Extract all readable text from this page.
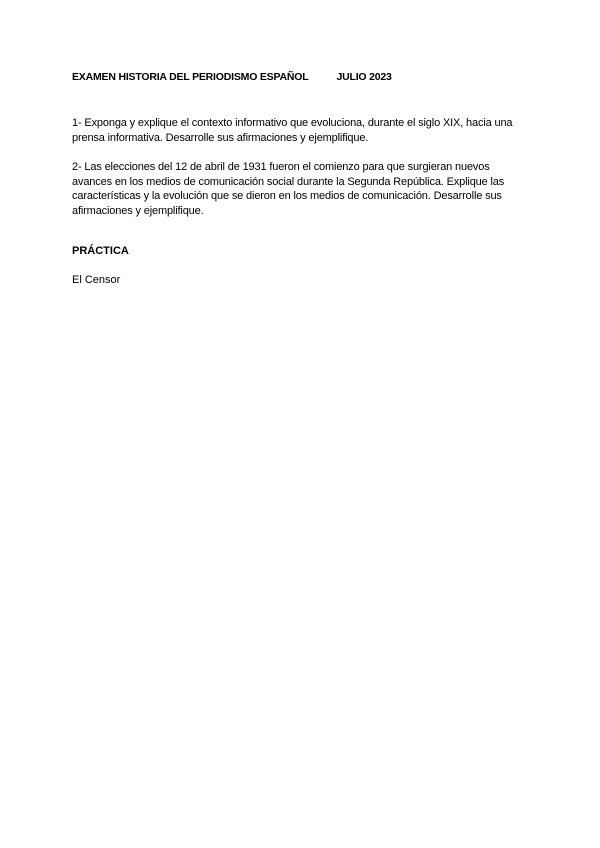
EXAMEN HISTORIA DEL PERIODISMO ESPAÑOL	JULIO 2023

1- Exponga y explique el contexto informativo que evoluciona, durante el siglo XIX, hacia una prensa informativa. Desarrolle sus afirmaciones y ejemplifique.

2- Las elecciones del 12 de abril de 1931 fueron el comienzo para que surgieran nuevos avances en los medios de comunicación social durante la Segunda República. Explique las características y la evolución que se dieron en los medios de comunicación. Desarrolle sus afirmaciones y ejemplifique.

PRÁCTICA
El Censor
